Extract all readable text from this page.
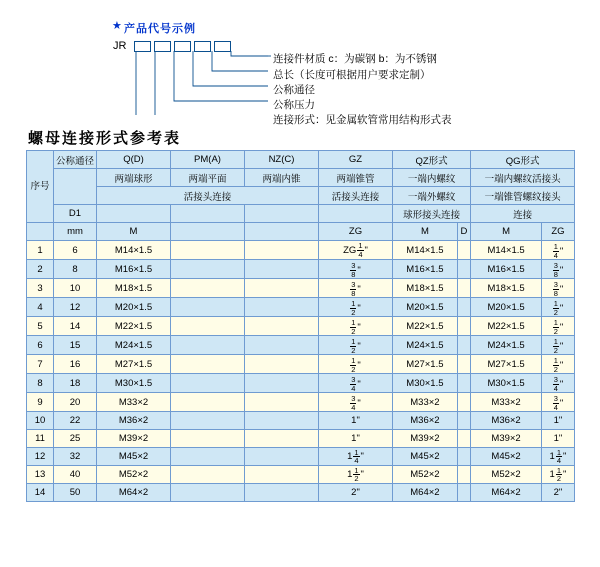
★ 产品代号示例
JR
连接件材质 c：为碳钢 b：为不锈钢
总长（长度可根据用户要求定制）
公称通径
公称压力
连接形式：见金属软管常用结构形式表
螺母连接形式参考表
序号	公称通径	Q(D)	PM(A)	NZ(C)	GZ	QZ形式		QG形式	
		两端球形	两端平面	两端内锥	两端锥管	一端内螺纹		一端内螺纹活接头	
		活接头连接			活接头连接	一端外螺纹		一端锥管螺纹接头	
	D1					球形接头连接		连接	
	mm	M			ZG	M	D	M	ZG
1	6	M14×1.5			ZG $\frac{1}{4}$ "	M14×1.5		M14×1.5	$\frac{1}{4}$ "

2	8	M16×1.5			$\frac{3}{8}$ "	M16×1.5		M16×1.5	$\frac{3}{8}$ "

3	10	M18×1.5			$\frac{3}{8}$ "	M18×1.5		M18×1.5	$\frac{3}{8}$ "

4	12	M20×1.5			$\frac{1}{2}$ "	M20×1.5		M20×1.5	$\frac{1}{2}$ "

5	14	M22×1.5			$\frac{1}{2}$ "	M22×1.5		M22×1.5	$\frac{1}{2}$ "

6	15	M24×1.5			$\frac{1}{2}$ "	M24×1.5		M24×1.5	$\frac{1}{2}$ "

7	16	M27×1.5			$\frac{1}{2}$ "	M27×1.5		M27×1.5	$\frac{1}{2}$ "

8	18	M30×1.5			$\frac{3}{4}$ "	M30×1.5		M30×1.5	$\frac{3}{4}$ "

9	20	M33×2			$\frac{3}{4}$ "	M33×2		M33×2	$\frac{3}{4}$ "

10	22	M36×2			1"	M36×2		M36×2	1"
11	25	M39×2			1"	M39×2		M39×2	1"
12	32	M45×2			$1 \frac{1}{4}$ "	M45×2		M45×2	$1 \frac{1}{4}$ "

13	40	M52×2			$1 \frac{1}{2}$ "	M52×2		M52×2	$1 \frac{1}{2}$ "

14	50	M64×2			2"	M64×2		M64×2	2"
